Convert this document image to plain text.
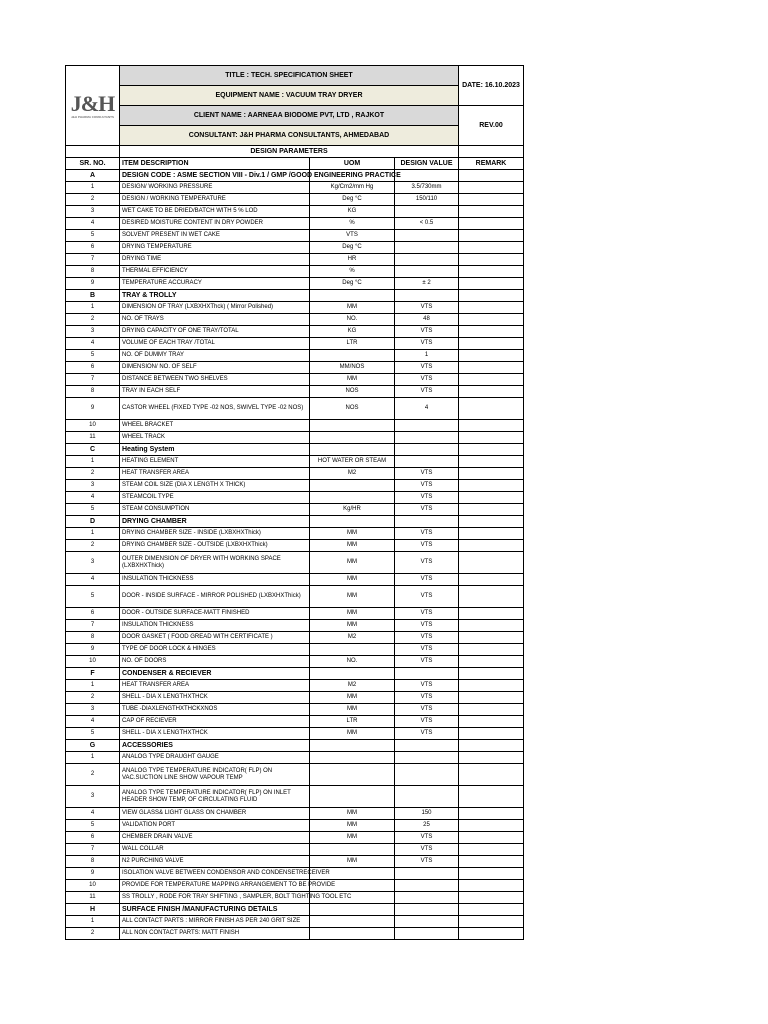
J&H
J&H PHARMA CONSULTANTS	TITLE : TECH. SPECIFICATION SHEET	DATE: 16.10.2023
	EQUIPMENT NAME : VACUUM TRAY DRYER	
	CLIENT NAME : AARNEAA BIODOME PVT, LTD , RAJKOT	REV.00
	CONSULTANT: J&H PHARMA CONSULTANTS, AHMEDABAD	
	DESIGN PARAMETERS			
SR. NO.	ITEM DESCRIPTION	UOM	DESIGN VALUE	REMARK
A	DESIGN CODE : ASME SECTION VIII - Div.1 / GMP /GOOD ENGINEERING PRACTICE			
1	DESIGN/ WORKING PRESSURE	Kg/Cm2/mm Hg	3.5/730mm	
2	DESIGN / WORKING TEMPERATURE	Deg °C	150/110	
3	WET CAKE TO BE DRIED/BATCH WITH 5 % LOD	KG		
4	DESIRED MOISTURE CONTENT IN DRY POWDER	%	< 0.5	
5	SOLVENT PRESENT IN WET CAKE	VTS		
6	DRYING TEMPERATURE	Deg °C		
7	DRYING TIME	HR		
8	THERMAL EFFICIENCY	%		
9	TEMPERATURE ACCURACY	Deg °C	± 2	
B	TRAY & TROLLY			
1	DIMENSION OF TRAY (LXBXHXThck) ( Mirror Polished)	MM	VTS	
2	NO. OF TRAYS	NO.	48	
3	DRYING CAPACITY OF ONE TRAY/TOTAL	KG	VTS	
4	VOLUME OF EACH TRAY /TOTAL	LTR	VTS	
5	NO. OF DUMMY TRAY		1	
6	DIMENSION/ NO. OF SELF	MM/NOS	VTS	
7	DISTANCE BETWEEN TWO SHELVES	MM	VTS	
8	TRAY IN EACH SELF	NOS	VTS	
9	CASTOR WHEEL (FIXED TYPE -02 NOS, SWIVEL TYPE -02 NOS)	NOS	4	
10	WHEEL BRACKET			
11	WHEEL TRACK			
C	Heating System			
1	HEATING ELEMENT	HOT WATER OR STEAM		
2	HEAT TRANSFER AREA	M2	VTS	
3	STEAM COIL SIZE (DIA X LENGTH X THICK)		VTS	
4	STEAMCOIL TYPE		VTS	
5	STEAM CONSUMPTION	Kg/HR	VTS	
D	DRYING CHAMBER			
1	DRYING CHAMBER SIZE - INSIDE (LXBXHXThick)	MM	VTS	
2	DRYING CHAMBER SIZE - OUTSIDE (LXBXHXThick)	MM	VTS	
3	OUTER DIMENSION OF DRYER WITH WORKING SPACE (LXBXHXThick)	MM	VTS	
4	INSULATION THICKNESS	MM	VTS	
5	DOOR - INSIDE SURFACE - MIRROR POLISHED (LXBXHXThick)	MM	VTS	
6	DOOR - OUTSIDE SURFACE-MATT FINISHED	MM	VTS	
7	INSULATION THICKNESS	MM	VTS	
8	DOOR GASKET ( FOOD GREAD WITH CERTIFICATE )	M2	VTS	
9	TYPE OF DOOR LOCK & HINGES		VTS	
10	NO. OF DOORS	NO.	VTS	
F	CONDENSER & RECIEVER			
1	HEAT TRANSFER AREA	M2	VTS	
2	SHELL - DIA X LENGTHXTHCK	MM	VTS	
3	TUBE -DIAXLENGTHXTHCKXNOS	MM	VTS	
4	CAP OF RECIEVER	LTR	VTS	
5	SHELL - DIA X LENGTHXTHCK	MM	VTS	
G	ACCESSORIES			
1	ANALOG TYPE DRAUGHT GAUGE			
2	ANALOG TYPE TEMPERATURE INDICATOR( FLP) ON VAC.SUCTION LINE SHOW VAPOUR TEMP			
3	ANALOG TYPE TEMPERATURE INDICATOR( FLP) ON INLET HEADER SHOW TEMP, OF CIRCULATING FLUID			
4	VIEW GLASS& LIGHT GLASS ON CHAMBER	MM	150	
5	VALIDATION PORT	MM	25	
6	CHEMBER DRAIN VALVE	MM	VTS	
7	WALL COLLAR		VTS	
8	N2 PURCHING VALVE	MM	VTS	
9	ISOLATION VALVE BETWEEN CONDENSOR AND CONDENSETRECEIVER			
10	PROVIDE FOR TEMPERATURE MAPPING ARRANGEMENT TO BE PROVIDE			
11	SS TROLLY , RODE FOR TRAY SHIFTING , SAMPLER, BOLT TIGHTING TOOL ETC			
H	SURFACE FINISH /MANUFACTURING DETAILS			
1	ALL CONTACT PARTS : MIRROR FINISH AS PER 240 GRIT SIZE			
2	ALL NON CONTACT PARTS: MATT FINISH			
